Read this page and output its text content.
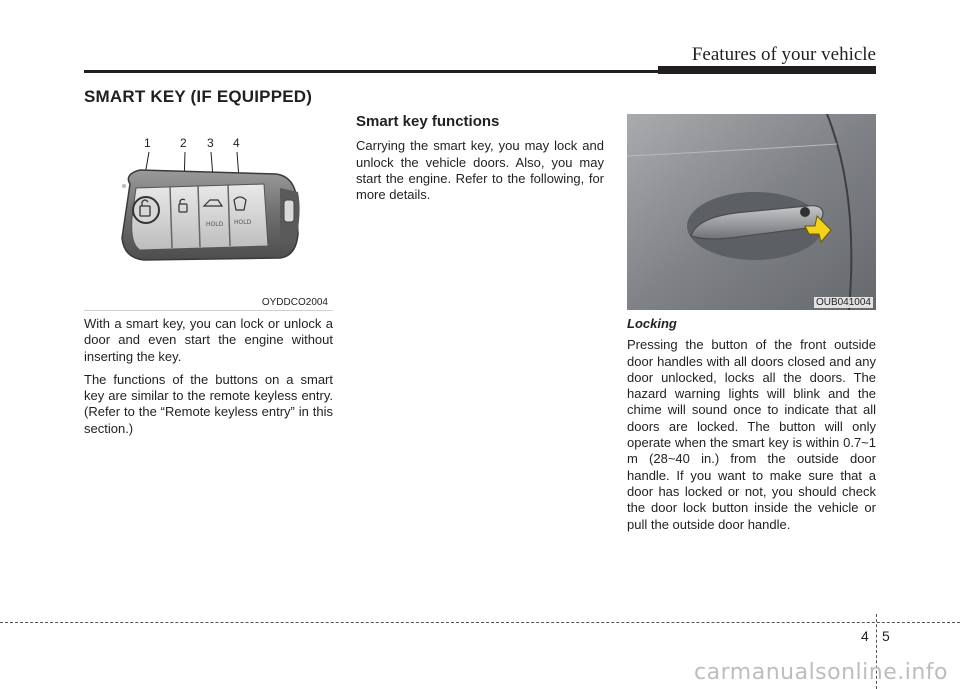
Features of your vehicle
SMART KEY (IF EQUIPPED)
HOLD HOLD
1 2 3 4
OYDDCO2004	OUB041004

With a smart key, you can lock or unlock a door and even start the engine without inserting the key.

The functions of the buttons on a smart key are similar to the remote keyless entry. (Refer to the “Remote keyless entry” in this section.)

Smart key functions

Carrying the smart key, you may lock and unlock the vehicle doors. Also, you may start the engine. Refer to the following, for more details.

Locking

Pressing the button of the front outside door handles with all doors closed and any door unlocked, locks all the doors. The hazard warning lights will blink and the chime will sound once to indicate that all doors are locked. The button will only operate when the smart key is within 0.7~1 m (28~40 in.) from the outside door handle. If you want to make sure that a door has locked or not, you should check the door lock button inside the vehicle or pull the outside door handle.

4 5
carmanualsonline.info
